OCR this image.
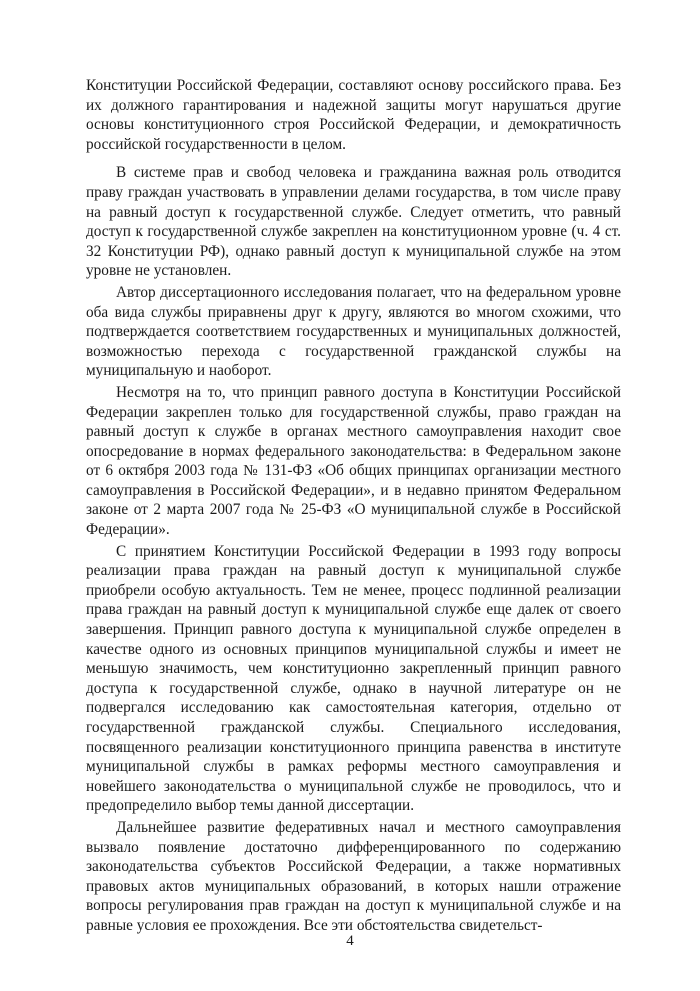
Конституции Российской Федерации, составляют основу российского права. Без их должного гарантирования и надежной защиты могут нарушаться другие основы конституционного строя Российской Федерации, и демократичность российской государственности в целом.

В системе прав и свобод человека и гражданина важная роль отводится праву граждан участвовать в управлении делами государства, в том числе праву на равный доступ к государственной службе. Следует отметить, что равный доступ к государственной службе закреплен на конституционном уровне (ч. 4 ст. 32 Конституции РФ), однако равный доступ к муниципальной службе на этом уровне не установлен.

Автор диссертационного исследования полагает, что на федеральном уровне оба вида службы приравнены друг к другу, являются во многом схожими, что подтверждается соответствием государственных и муниципальных должностей, возможностью перехода с государственной гражданской службы на муниципальную и наоборот.

Несмотря на то, что принцип равного доступа в Конституции Российской Федерации закреплен только для государственной службы, право граждан на равный доступ к службе в органах местного самоуправления находит свое опосредование в нормах федерального законодательства: в Федеральном законе от 6 октября 2003 года № 131-ФЗ «Об общих принципах организации местного самоуправления в Российской Федерации», и в недавно принятом Федеральном законе от 2 марта 2007 года № 25-ФЗ «О муниципальной службе в Российской Федерации».

С принятием Конституции Российской Федерации в 1993 году вопросы реализации права граждан на равный доступ к муниципальной службе приобрели особую актуальность. Тем не менее, процесс подлинной реализации права граждан на равный доступ к муниципальной службе еще далек от своего завершения. Принцип равного доступа к муниципальной службе определен в качестве одного из основных принципов муниципальной службы и имеет не меньшую значимость, чем конституционно закрепленный принцип равного доступа к государственной службе, однако в научной литературе он не подвергался исследованию как самостоятельная категория, отдельно от государственной гражданской службы. Специального исследования, посвященного реализации конституционного принципа равенства в институте муниципальной службы в рамках реформы местного самоуправления и новейшего законодательства о муниципальной службе не проводилось, что и предопределило выбор темы данной диссертации.

Дальнейшее развитие федеративных начал и местного самоуправления вызвало появление достаточно дифференцированного по содержанию законодательства субъектов Российской Федерации, а также нормативных правовых актов муниципальных образований, в которых нашли отражение вопросы регулирования прав граждан на доступ к муниципальной службе и на равные условия ее прохождения. Все эти обстоятельства свидетельст-

4
